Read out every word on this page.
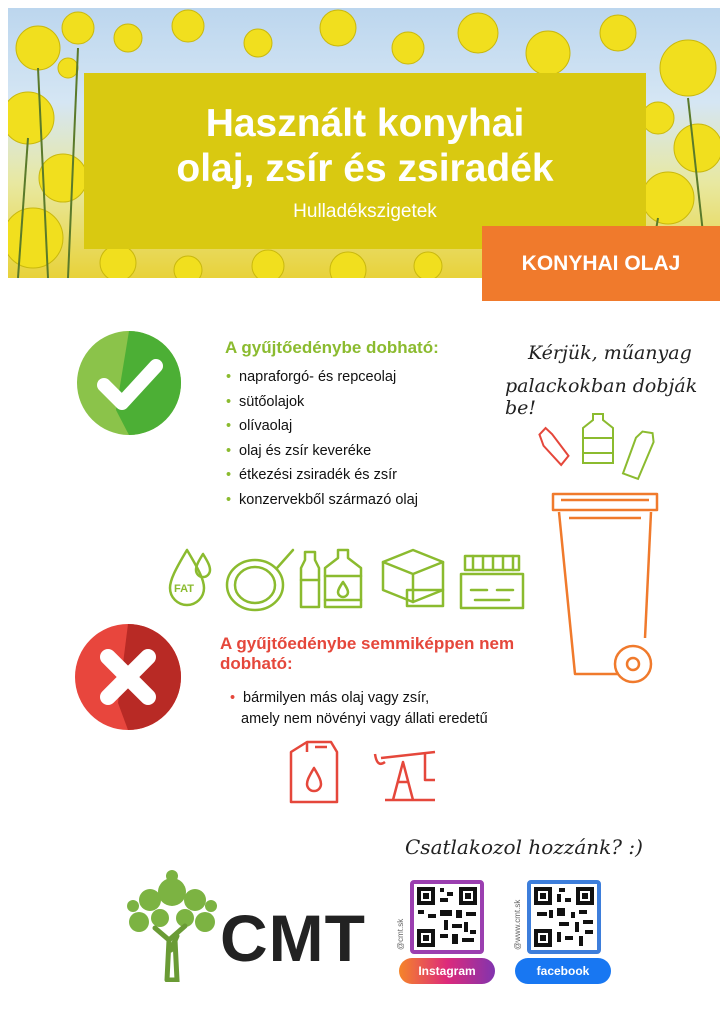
Használt konyhai
olaj, zsír és zsiradék
Hulladékszigetek
KONYHAI OLAJ
A gyűjtőedénybe dobható:
• napraforgó- és repceolaj
• sütőolajok
• olívaolaj
• olaj és zsír keveréke
• étkezési zsiradék és zsír
• konzervekből származó olaj
FAT
Kérjük, műanyag
palackokban dobják be!
A gyűjtőedénybe semmiképpen nem dobható:
• bármilyen más olaj vagy zsír,
amely nem növényi vagy állati eredetű
Csatlakozol hozzánk? :)
CMT	@cmt.sk
Instagram
@www.cmt.sk
facebook
